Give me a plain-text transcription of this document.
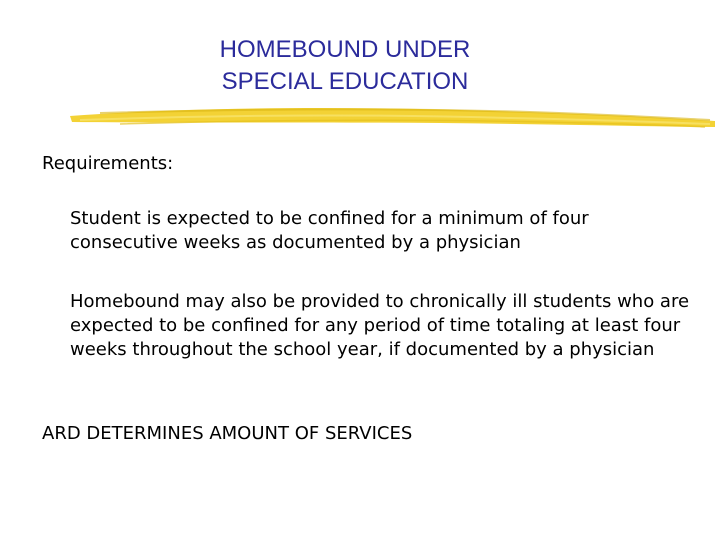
HOMEBOUND UNDER
SPECIAL EDUCATION

Requirements:

Student is expected to be confined for a minimum of four consecutive weeks as documented by a physician

Homebound may also be provided to chronically ill students who are expected to be confined for any period of time totaling at least four weeks throughout the school year, if documented by a physician

ARD DETERMINES AMOUNT OF SERVICES
